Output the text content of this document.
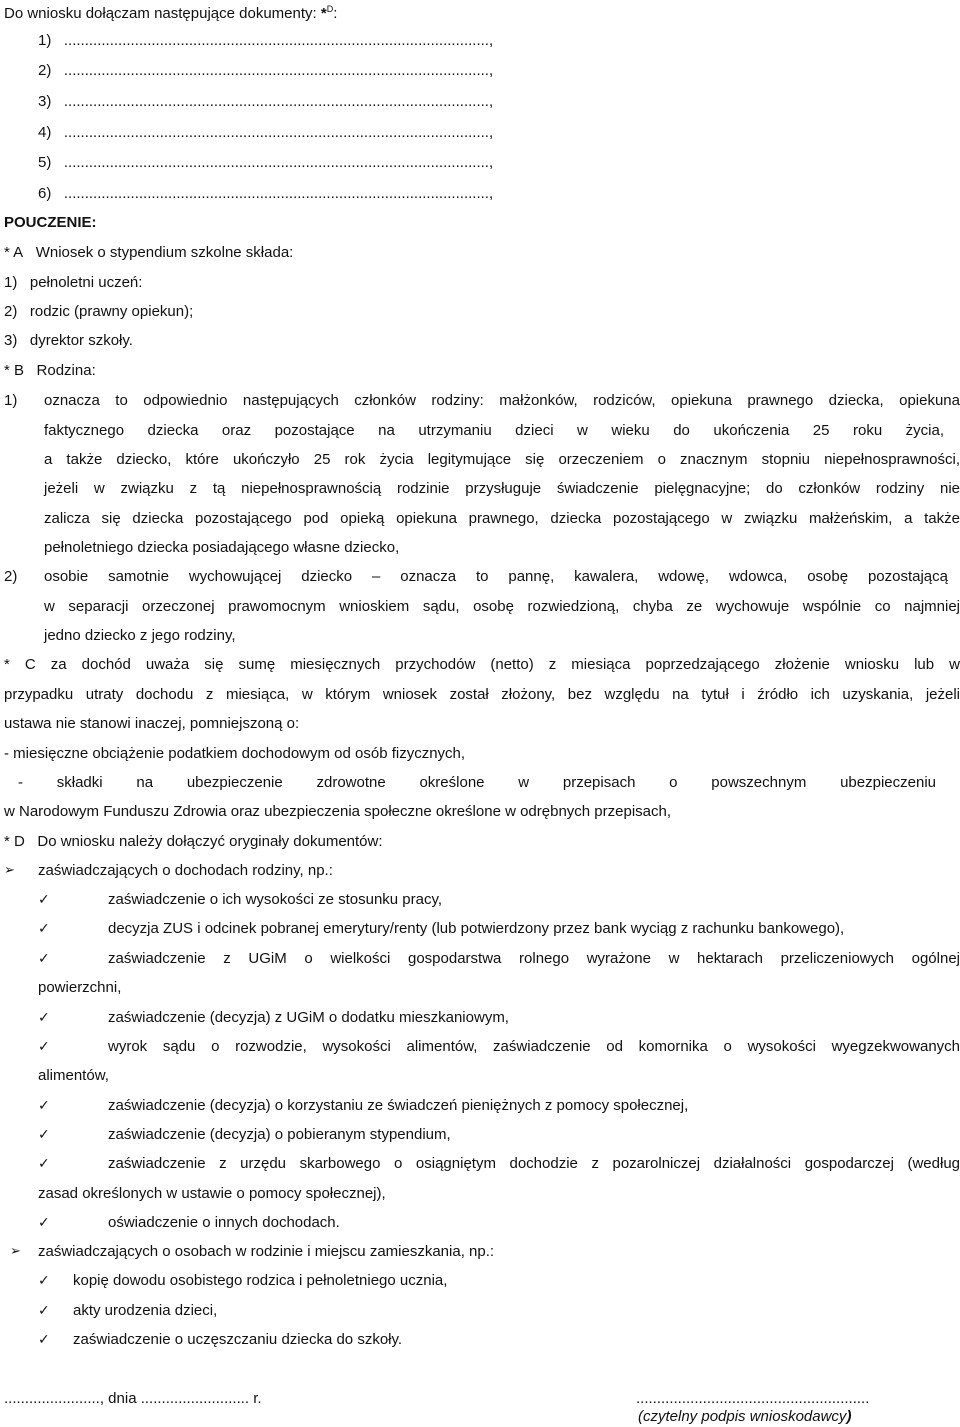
Do wniosku dołączam następujące dokumenty: *$^D$:
1) ......................................................................................................,
2) ......................................................................................................,
3) ......................................................................................................,
4) ......................................................................................................,
5) ......................................................................................................,
6) ......................................................................................................,
POUCZENIE:
* A Wniosek o stypendium szkolne składa:
1) pełnoletni uczeń:
2) rodzic (prawny opiekun);
3) dyrektor szkoły.
* B Rodzina:
1) oznacza to odpowiednio następujących członków rodziny: małżonków, rodziców, opiekuna prawnego dziecka, opiekuna
faktycznego dziecka oraz pozostające na utrzymaniu dzieci w wieku do ukończenia 25 roku życia,
a także dziecko, które ukończyło 25 rok życia legitymujące się orzeczeniem o znacznym stopniu niepełnosprawności,
jeżeli w związku z tą niepełnosprawnością rodzinie przysługuje świadczenie pielęgnacyjne; do członków rodziny nie
zalicza się dziecka pozostającego pod opieką opiekuna prawnego, dziecka pozostającego w związku małżeńskim, a także
pełnoletniego dziecka posiadającego własne dziecko,
2) osobie samotnie wychowującej dziecko – oznacza to pannę, kawalera, wdowę, wdowca, osobę pozostającą
w separacji orzeczonej prawomocnym wnioskiem sądu, osobę rozwiedzioną, chyba ze wychowuje wspólnie co najmniej
jedno dziecko z jego rodziny,
* C za dochód uważa się sumę miesięcznych przychodów (netto) z miesiąca poprzedzającego złożenie wniosku lub w
przypadku utraty dochodu z miesiąca, w którym wniosek został złożony, bez względu na tytuł i źródło ich uzyskania, jeżeli
ustawa nie stanowi inaczej, pomniejszoną o:
- miesięczne obciążenie podatkiem dochodowym od osób fizycznych,
- składki na ubezpieczenie zdrowotne określone w przepisach o powszechnym ubezpieczeniu
w Narodowym Funduszu Zdrowia oraz ubezpieczenia społeczne określone w odrębnych przepisach,
* D Do wniosku należy dołączyć oryginały dokumentów:
➢ zaświadczających o dochodach rodziny, np.:
✓	zaświadczenie o ich wysokości ze stosunku pracy,
✓	decyzja ZUS i odcinek pobranej emerytury/renty (lub potwierdzony przez bank wyciąg z rachunku bankowego),
✓	zaświadczenie z UGiM o wielkości gospodarstwa rolnego wyrażone w hektarach przeliczeniowych ogólnej
powierzchni,
✓	zaświadczenie (decyzja) z UGiM o dodatku mieszkaniowym,
✓	wyrok sądu o rozwodzie, wysokości alimentów, zaświadczenie od komornika o wysokości wyegzekwowanych
alimentów,
✓	zaświadczenie (decyzja) o korzystaniu ze świadczeń pieniężnych z pomocy społecznej,
✓	zaświadczenie (decyzja) o pobieranym stypendium,
✓	zaświadczenie z urzędu skarbowego o osiągniętym dochodzie z pozarolniczej działalności gospodarczej (według
zasad określonych w ustawie o pomocy społecznej),
✓	oświadczenie o innych dochodach.
➢ zaświadczających o osobach w rodzinie i miejscu zamieszkania, np.:
✓ kopię dowodu osobistego rodzica i pełnoletniego ucznia,
✓ akty urodzenia dzieci,
✓ zaświadczenie o uczęszczaniu dziecka do szkoły.
......................., dnia .......................... r.	........................................................
(czytelny podpis wnioskodawcy)
